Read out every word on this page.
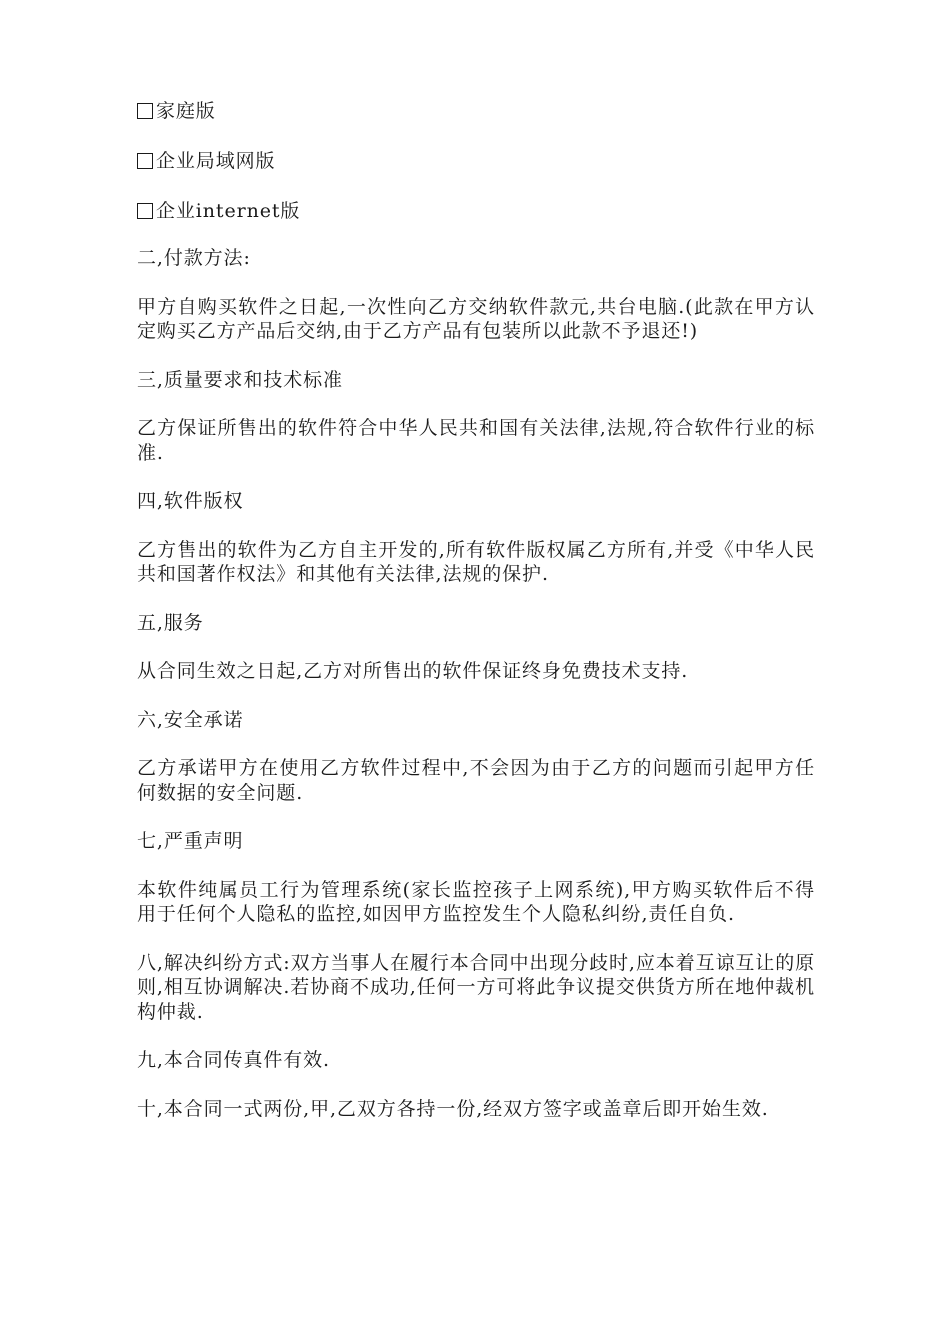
家庭版
企业局域网版
企业internet版
二,付款方法:
甲方自购买软件之日起,一次性向乙方交纳软件款元,共台电脑.(此款在甲方认定购买乙方产品后交纳,由于乙方产品有包装所以此款不予退还!)
三,质量要求和技术标准
乙方保证所售出的软件符合中华人民共和国有关法律,法规,符合软件行业的标准.
四,软件版权
乙方售出的软件为乙方自主开发的,所有软件版权属乙方所有,并受《中华人民共和国著作权法》和其他有关法律,法规的保护.
五,服务
从合同生效之日起,乙方对所售出的软件保证终身免费技术支持.
六,安全承诺
乙方承诺甲方在使用乙方软件过程中,不会因为由于乙方的问题而引起甲方任何数据的安全问题.
七,严重声明
本软件纯属员工行为管理系统(家长监控孩子上网系统),甲方购买软件后不得用于任何个人隐私的监控,如因甲方监控发生个人隐私纠纷,责任自负.
八,解决纠纷方式:双方当事人在履行本合同中出现分歧时,应本着互谅互让的原则,相互协调解决.若协商不成功,任何一方可将此争议提交供货方所在地仲裁机构仲裁.
九,本合同传真件有效.
十,本合同一式两份,甲,乙双方各持一份,经双方签字或盖章后即开始生效.
